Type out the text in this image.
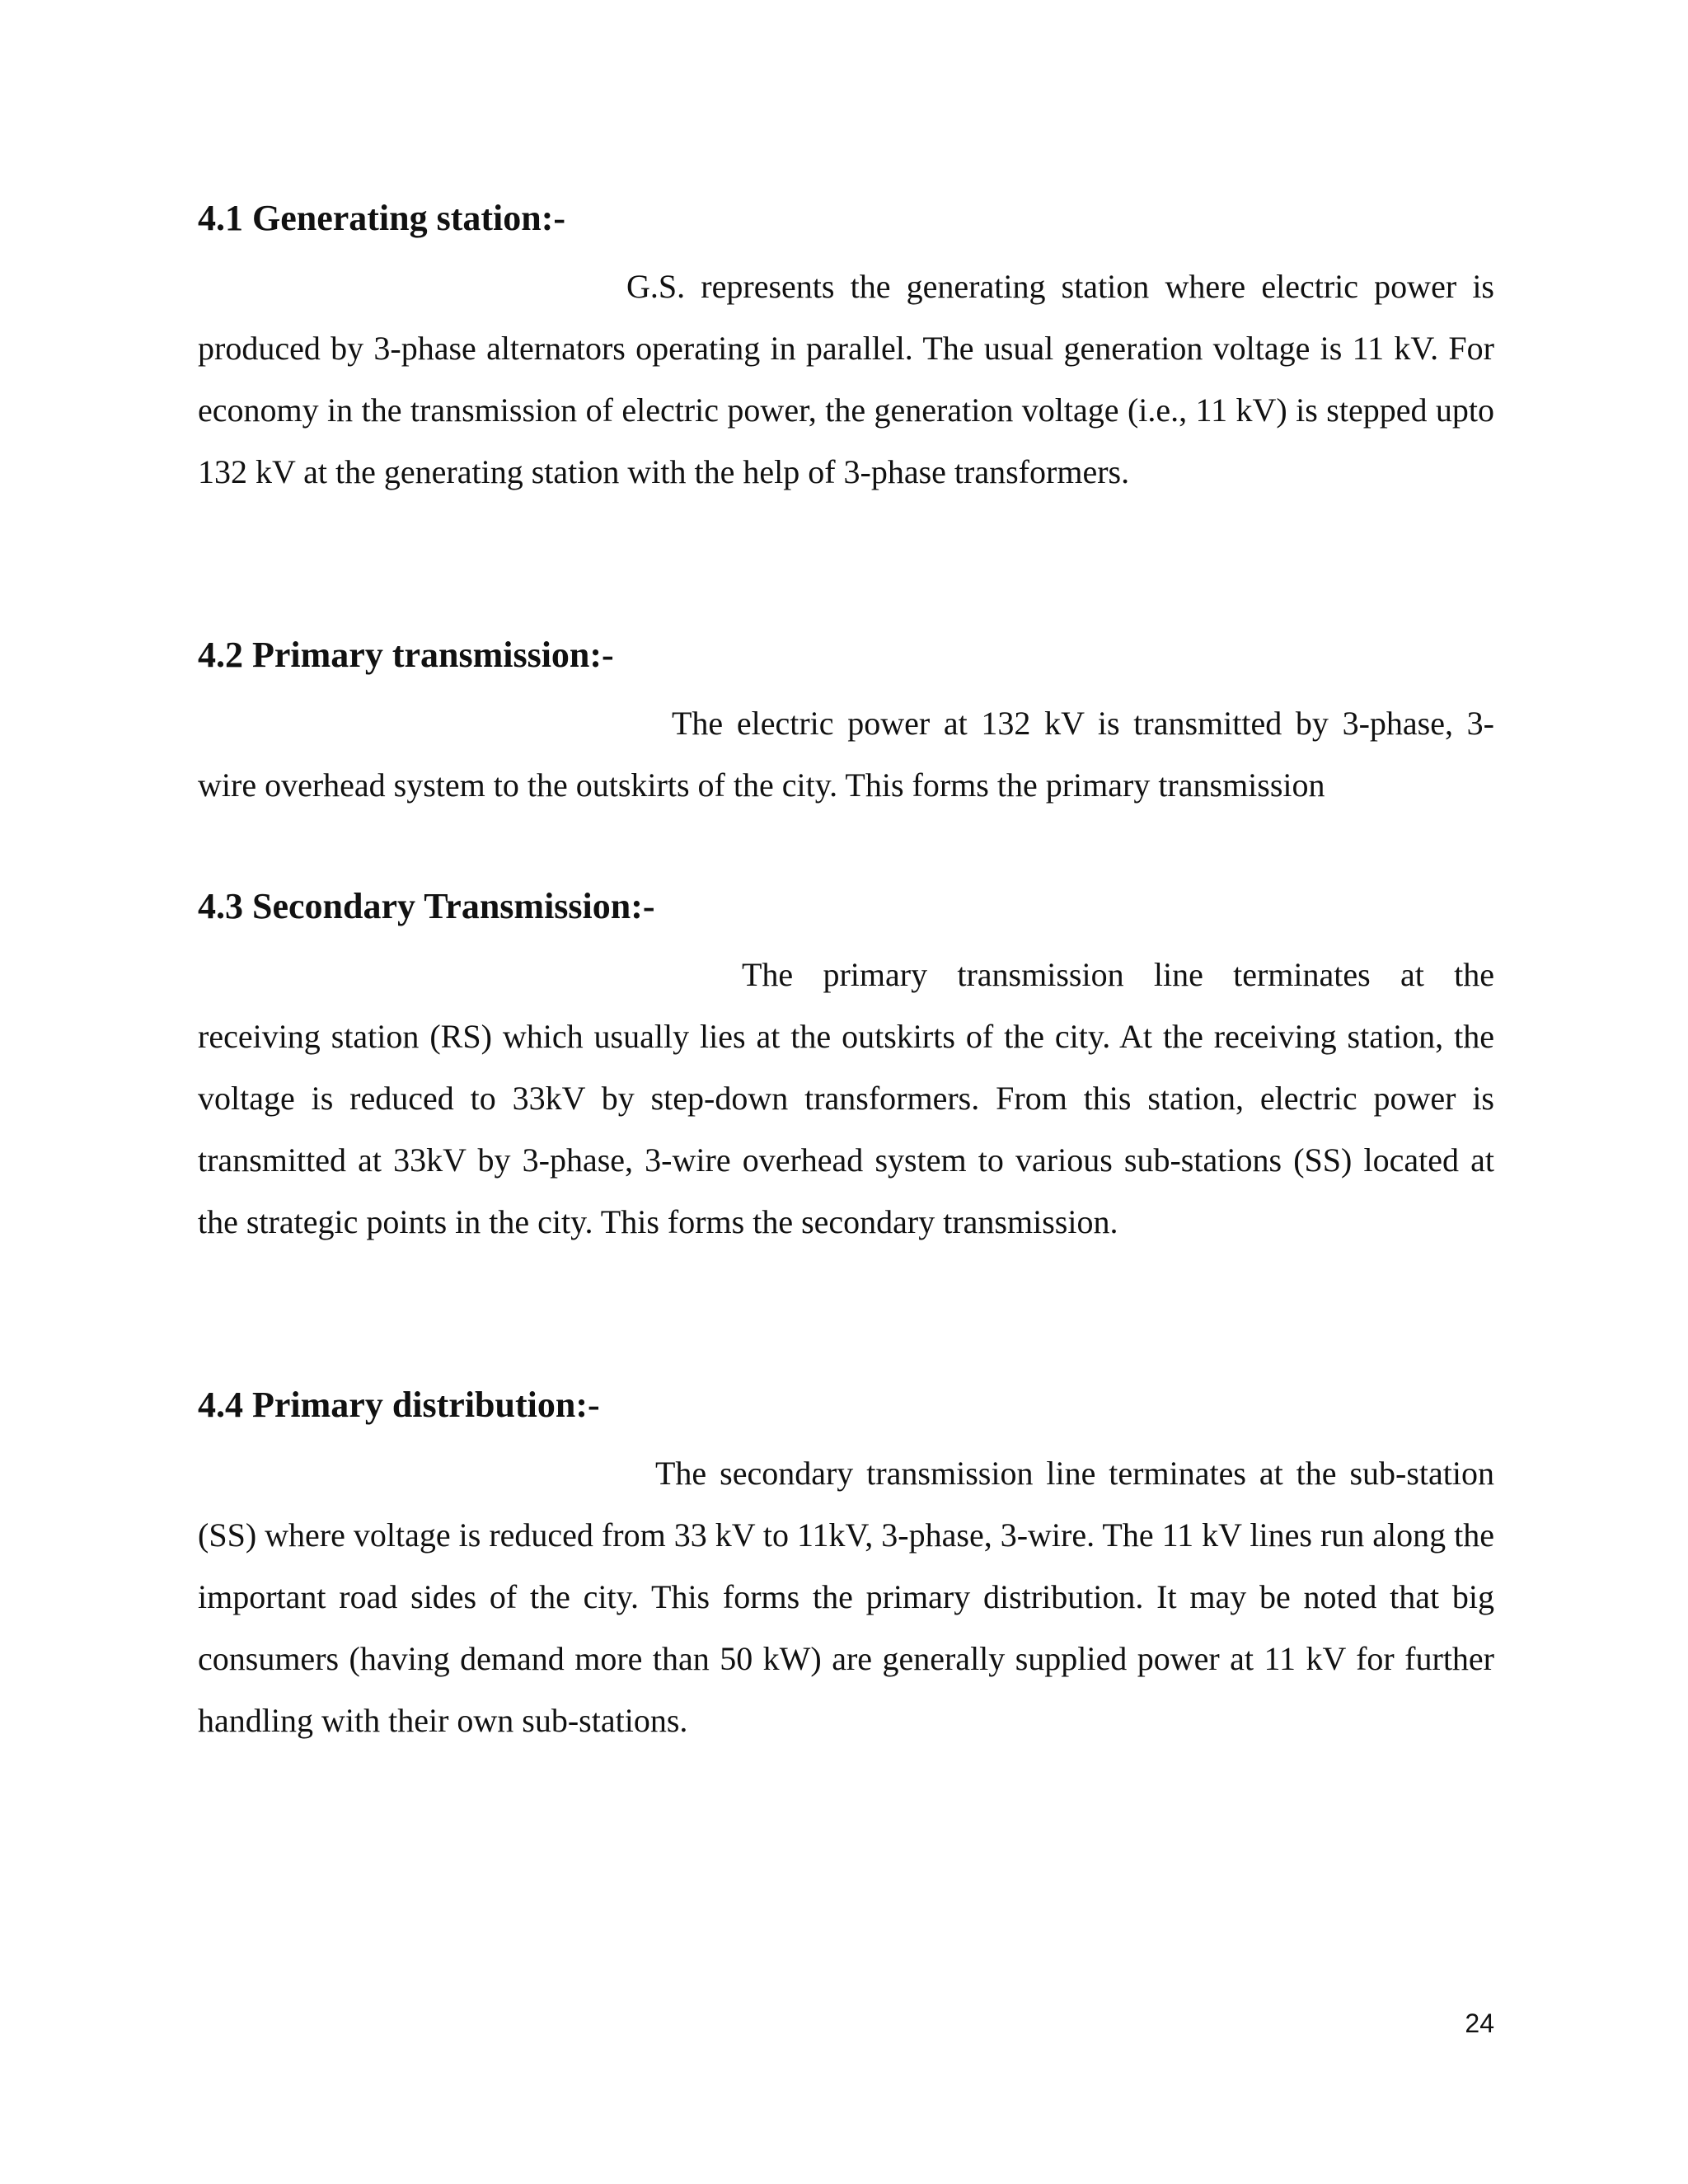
4.1 Generating station:-

G.S. represents the generating station where electric power is produced by 3-phase alternators operating in parallel. The usual generation voltage is 11 kV. For economy in the transmission of electric power, the generation voltage (i.e., 11 kV) is stepped upto 132 kV at the generating station with the help of 3-phase transformers.

4.2 Primary transmission:-

The electric power at 132 kV is transmitted by 3-phase, 3-wire overhead system to the outskirts of the city. This forms the primary transmission

4.3 Secondary Transmission:-

The primary transmission line terminates at the receiving station (RS) which usually lies at the outskirts of the city. At the receiving station, the voltage is reduced to 33kV by step-down transformers. From this station, electric power is transmitted at 33kV by 3-phase, 3-wire overhead system to various sub-stations (SS) located at the strategic points in the city. This forms the secondary transmission.

4.4 Primary distribution:-

The secondary transmission line terminates at the sub-station (SS) where voltage is reduced from 33 kV to 11kV, 3-phase, 3-wire. The 11 kV lines run along the important road sides of the city. This forms the primary distribution. It may be noted that big consumers (having demand more than 50 kW) are generally supplied power at 11 kV for further handling with their own sub-stations.

24
